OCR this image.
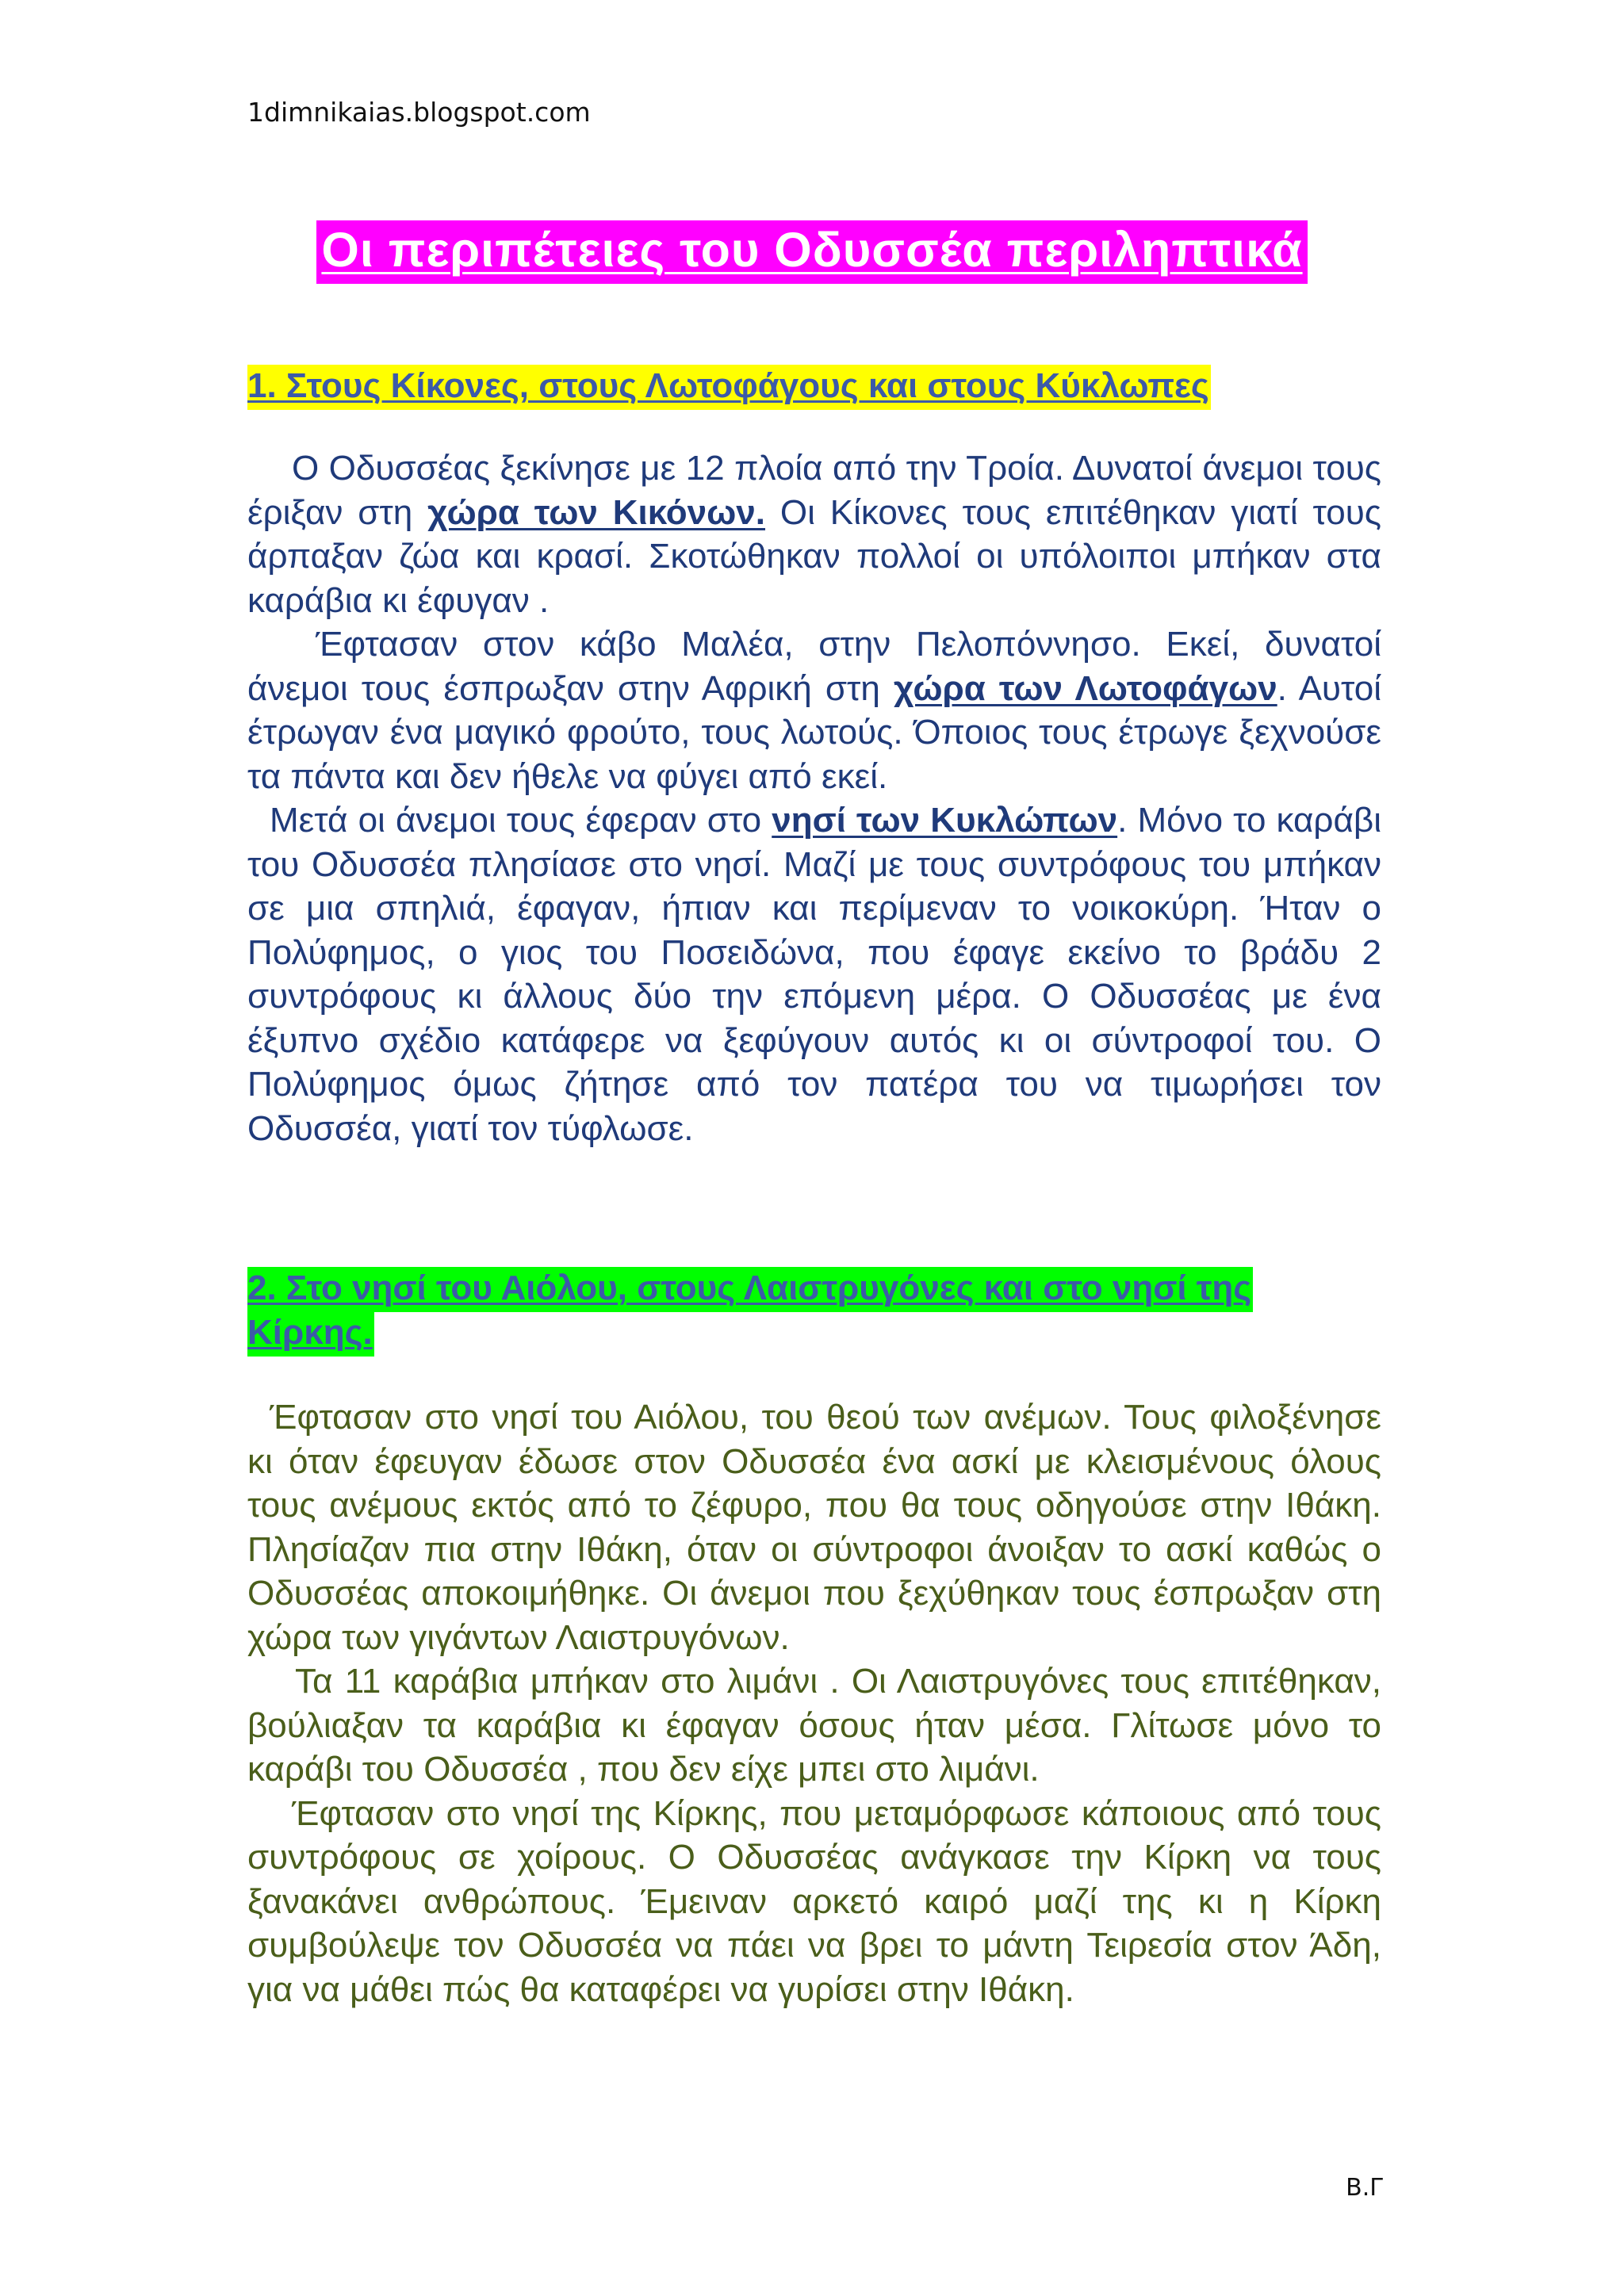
1dimnikaias.blogspot.com
Οι περιπέτειες του Οδυσσέα περιληπτικά
1. Στους Κίκονες, στους Λωτοφάγους και στους Κύκλωπες

Ο Οδυσσέας ξεκίνησε με 12 πλοία από την Τροία. Δυνατοί άνεμοι τους έριξαν στη χώρα των Κικόνων. Οι Κίκονες τους επιτέθηκαν γιατί τους άρπαξαν ζώα και κρασί. Σκοτώθηκαν πολλοί οι υπόλοιποι μπήκαν στα καράβια κι έφυγαν .

Έφτασαν στον κάβο Μαλέα, στην Πελοπόννησο. Εκεί, δυνατοί άνεμοι τους έσπρωξαν στην Αφρική στη χώρα των Λωτοφάγων. Αυτοί έτρωγαν ένα μαγικό φρούτο, τους λωτούς. Όποιος τους έτρωγε ξεχνούσε τα πάντα και δεν ήθελε να φύγει από εκεί.

Μετά οι άνεμοι τους έφεραν στο νησί των Κυκλώπων. Μόνο το καράβι του Οδυσσέα πλησίασε στο νησί. Μαζί με τους συντρόφους του μπήκαν σε μια σπηλιά, έφαγαν, ήπιαν και περίμεναν το νοικοκύρη. Ήταν ο Πολύφημος, ο γιος του Ποσειδώνα, που έφαγε εκείνο το βράδυ 2 συντρόφους κι άλλους δύο την επόμενη μέρα. Ο Οδυσσέας με ένα έξυπνο σχέδιο κατάφερε να ξεφύγουν αυτός κι οι σύντροφοί του. Ο Πολύφημος όμως ζήτησε από τον πατέρα του να τιμωρήσει τον Οδυσσέα, γιατί τον τύφλωσε.

2. Στο νησί του Αιόλου, στους Λαιστρυγόνες και στο νησί της Κίρκης.

Έφτασαν στο νησί του Αιόλου, του θεού των ανέμων. Τους φιλοξένησε κι όταν έφευγαν έδωσε στον Οδυσσέα ένα ασκί με κλεισμένους όλους τους ανέμους εκτός από το ζέφυρο, που θα τους οδηγούσε στην Ιθάκη. Πλησίαζαν πια στην Ιθάκη, όταν οι σύντροφοι άνοιξαν το ασκί καθώς ο Οδυσσέας αποκοιμήθηκε. Οι άνεμοι που ξεχύθηκαν τους έσπρωξαν στη χώρα των γιγάντων Λαιστρυγόνων.

Τα 11 καράβια μπήκαν στο λιμάνι . Οι Λαιστρυγόνες τους επιτέθηκαν, βούλιαξαν τα καράβια κι έφαγαν όσους ήταν μέσα. Γλίτωσε μόνο το καράβι του Οδυσσέα , που δεν είχε μπει στο λιμάνι.

Έφτασαν στο νησί της Κίρκης, που μεταμόρφωσε κάποιους από τους συντρόφους σε χοίρους. Ο Οδυσσέας ανάγκασε την Κίρκη να τους ξανακάνει ανθρώπους. Έμειναν αρκετό καιρό μαζί της κι η Κίρκη συμβούλεψε τον Οδυσσέα να πάει να βρει το μάντη Τειρεσία στον Άδη, για να μάθει πώς θα καταφέρει να γυρίσει στην Ιθάκη.

Β.Γ
